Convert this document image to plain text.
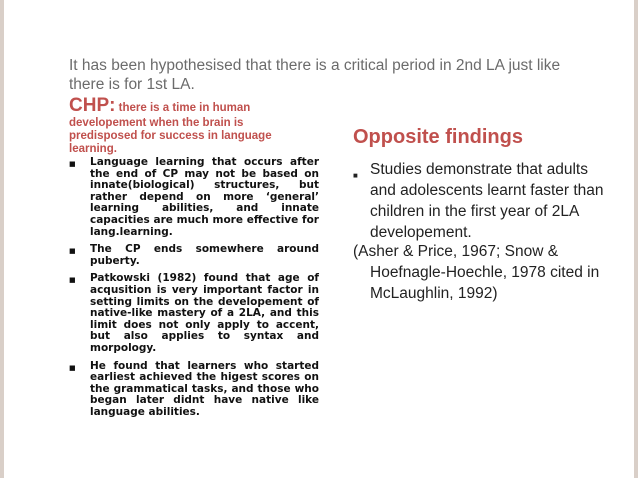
It has been hypothesised that there is a critical period in 2nd LA just like there is for 1st LA.
CHP: there is a time in human developement when the brain is predisposed for success in language learning.
■ Language learning that occurs after the end of CP may not be based on innate(biological) structures, but rather depend on more ‘general’ learning abilities, and innate capacities are much more effective for lang.learning.
■ The CP ends somewhere around puberty.
■ Patkowski (1982) found that age of acqusition is very important factor in setting limits on the developement of native-like mastery of a 2LA, and this limit does not only apply to accent, but also applies to syntax and morpology.
■ He found that learners who started earliest achieved the higest scores on the grammatical tasks, and those who began later didnt have native like language abilities.
Opposite findings
■ Studies demonstrate that adults and adolescents learnt faster than children in the first year of 2LA developement.
(Asher & Price, 1967; Snow & Hoefnagle-Hoechle, 1978 cited in McLaughlin, 1992)
